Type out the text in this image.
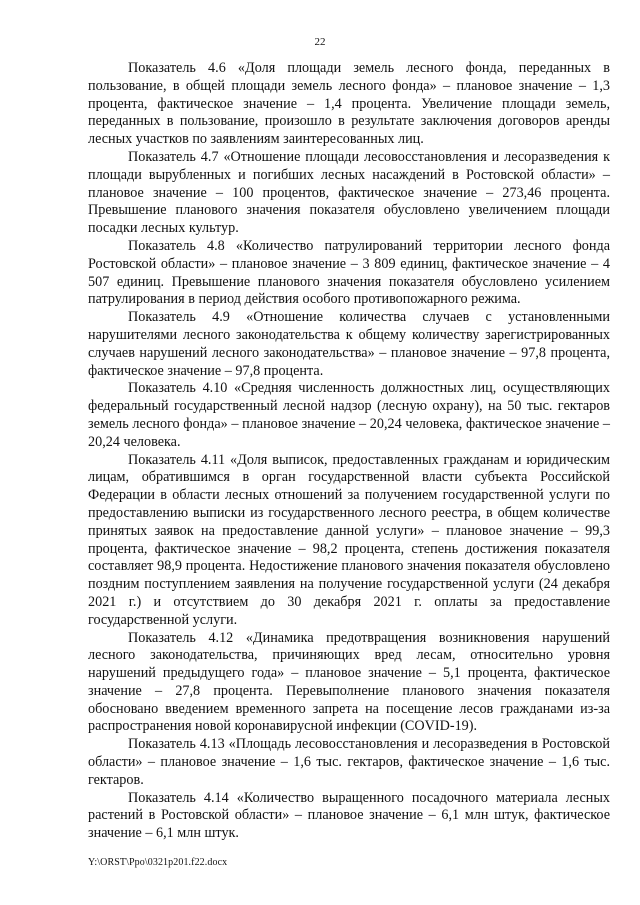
22

Показатель 4.6 «Доля площади земель лесного фонда, переданных в пользование, в общей площади земель лесного фонда» – плановое значение – 1,3 процента, фактическое значение – 1,4 процента. Увеличение площади земель, переданных в пользование, произошло в результате заключения договоров аренды лесных участков по заявлениям заинтересованных лиц.

Показатель 4.7 «Отношение площади лесовосстановления и лесоразведения к площади вырубленных и погибших лесных насаждений в Ростовской области» – плановое значение – 100 процентов, фактическое значение – 273,46 процента. Превышение планового значения показателя обусловлено увеличением площади посадки лесных культур.

Показатель 4.8 «Количество патрулирований территории лесного фонда Ростовской области» – плановое значение – 3 809 единиц, фактическое значение – 4 507 единиц. Превышение планового значения показателя обусловлено усилением патрулирования в период действия особого противопожарного режима.

Показатель 4.9 «Отношение количества случаев с установленными нарушителями лесного законодательства к общему количеству зарегистрированных случаев нарушений лесного законодательства» – плановое значение – 97,8 процента, фактическое значение – 97,8 процента.

Показатель 4.10 «Средняя численность должностных лиц, осуществляющих федеральный государственный лесной надзор (лесную охрану), на 50 тыс. гектаров земель лесного фонда» – плановое значение – 20,24 человека, фактическое значение – 20,24 человека.

Показатель 4.11 «Доля выписок, предоставленных гражданам и юридическим лицам, обратившимся в орган государственной власти субъекта Российской Федерации в области лесных отношений за получением государственной услуги по предоставлению выписки из государственного лесного реестра, в общем количестве принятых заявок на предоставление данной услуги» – плановое значение – 99,3 процента, фактическое значение – 98,2 процента, степень достижения показателя составляет 98,9 процента. Недостижение планового значения показателя обусловлено поздним поступлением заявления на получение государственной услуги (24 декабря 2021 г.) и отсутствием до 30 декабря 2021 г. оплаты за предоставление государственной услуги.

Показатель 4.12 «Динамика предотвращения возникновения нарушений лесного законодательства, причиняющих вред лесам, относительно уровня нарушений предыдущего года» – плановое значение – 5,1 процента, фактическое значение – 27,8 процента. Перевыполнение планового значения показателя обосновано введением временного запрета на посещение лесов гражданами из-за распространения новой коронавирусной инфекции (COVID-19).

Показатель 4.13 «Площадь лесовосстановления и лесоразведения в Ростовской области» – плановое значение – 1,6 тыс. гектаров, фактическое значение – 1,6 тыс. гектаров.

Показатель 4.14 «Количество выращенного посадочного материала лесных растений в Ростовской области» – плановое значение – 6,1 млн штук, фактическое значение – 6,1 млн штук.

Y:\ORST\Ppo\0321p201.f22.docx
